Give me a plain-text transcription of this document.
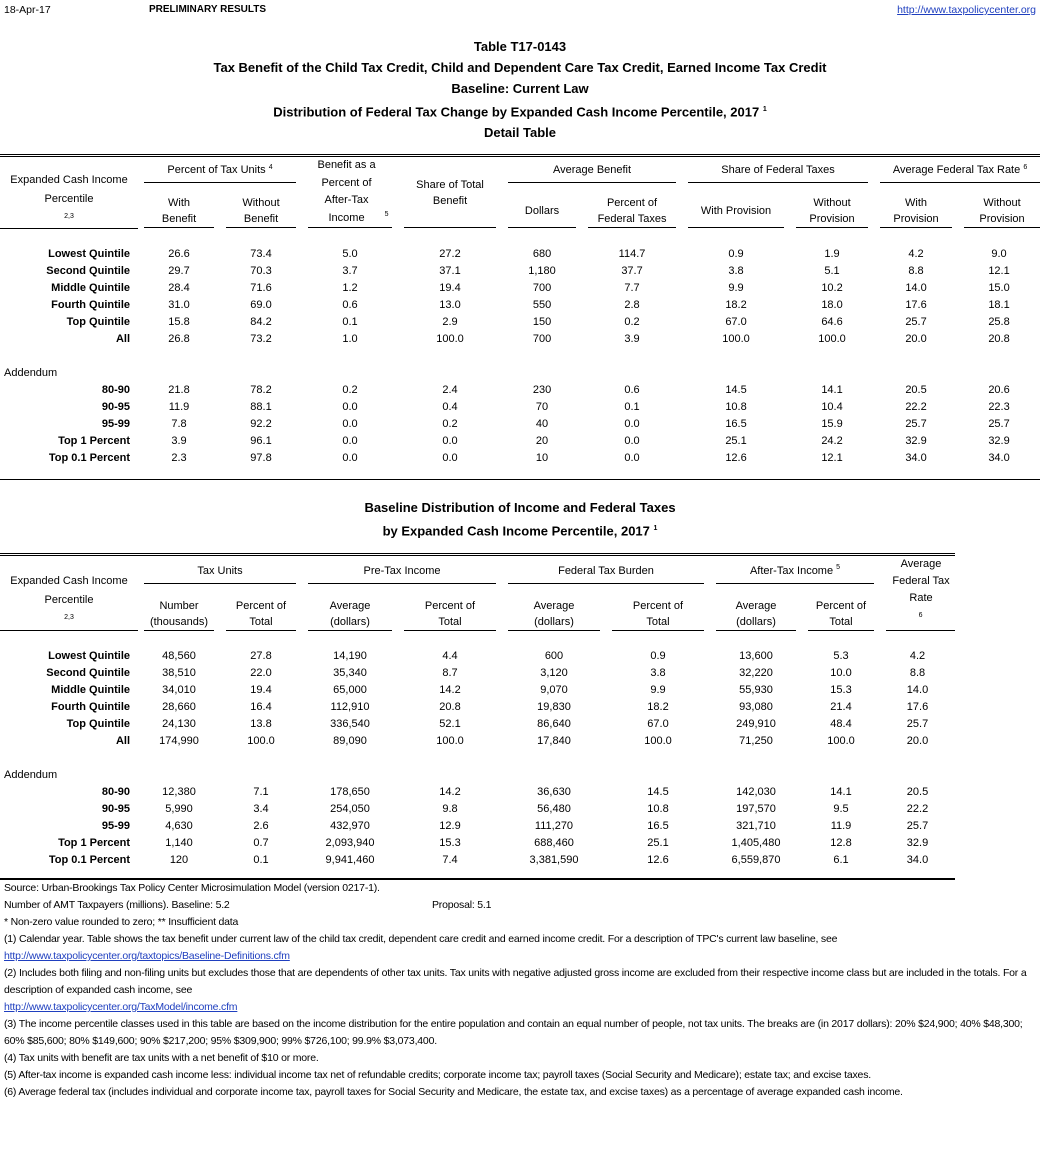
18-Apr-17	PRELIMINARY RESULTS	http://www.taxpolicycenter.org
Table T17-0143
Tax Benefit of the Child Tax Credit, Child and Dependent Care Tax Credit, Earned Income Tax Credit
Baseline: Current Law
Distribution of Federal Tax Change by Expanded Cash Income Percentile, 2017 $^1$
Detail Table
Expanded Cash Income Percentile $^{2,3}$	Percent of Tax Units $^4$		Benefit as a Percent of After-Tax Income $^5$	Share of Total Benefit	Average Benefit		Share of Federal Taxes		Average Federal Tax Rate $^6$

	With Benefit	Without Benefit			Dollars	Percent of Federal Taxes	With Provision	Without Provision	With Provision	Without Provision

Lowest Quintile	26.6	73.4	5.0	27.2	680	114.7	0.9	1.9	4.2	9.0
Second Quintile	29.7	70.3	3.7	37.1	1,180	37.7	3.8	5.1	8.8	12.1
Middle Quintile	28.4	71.6	1.2	19.4	700	7.7	9.9	10.2	14.0	15.0
Fourth Quintile	31.0	69.0	0.6	13.0	550	2.8	18.2	18.0	17.6	18.1
Top Quintile	15.8	84.2	0.1	2.9	150	0.2	67.0	64.6	25.7	25.8
All	26.8	73.2	1.0	100.0	700	3.9	100.0	100.0	20.0	20.8

Addendum										
80-90	21.8	78.2	0.2	2.4	230	0.6	14.5	14.1	20.5	20.6
90-95	11.9	88.1	0.0	0.4	70	0.1	10.8	10.4	22.2	22.3
95-99	7.8	92.2	0.0	0.2	40	0.0	16.5	15.9	25.7	25.7
Top 1 Percent	3.9	96.1	0.0	0.0	20	0.0	25.1	24.2	32.9	32.9
Top 0.1 Percent	2.3	97.8	0.0	0.0	10	0.0	12.6	12.1	34.0	34.0
Baseline Distribution of Income and Federal Taxes
by Expanded Cash Income Percentile, 2017 $^1$
Expanded Cash Income Percentile $^{2,3}$	Tax Units		Pre-Tax Income		Federal Tax Burden		After-Tax Income $^5$		Average Federal Tax Rate $^6$

	Number (thousands)	Percent of Total	Average (dollars)	Percent of Total	Average (dollars)	Percent of Total	Average (dollars)	Percent of Total	

Lowest Quintile	48,560	27.8	14,190	4.4	600	0.9	13,600	5.3	4.2
Second Quintile	38,510	22.0	35,340	8.7	3,120	3.8	32,220	10.0	8.8
Middle Quintile	34,010	19.4	65,000	14.2	9,070	9.9	55,930	15.3	14.0
Fourth Quintile	28,660	16.4	112,910	20.8	19,830	18.2	93,080	21.4	17.6
Top Quintile	24,130	13.8	336,540	52.1	86,640	67.0	249,910	48.4	25.7
All	174,990	100.0	89,090	100.0	17,840	100.0	71,250	100.0	20.0

Addendum									
80-90	12,380	7.1	178,650	14.2	36,630	14.5	142,030	14.1	20.5
90-95	5,990	3.4	254,050	9.8	56,480	10.8	197,570	9.5	22.2
95-99	4,630	2.6	432,970	12.9	111,270	16.5	321,710	11.9	25.7
Top 1 Percent	1,140	0.7	2,093,940	15.3	688,460	25.1	1,405,480	12.8	32.9
Top 0.1 Percent	120	0.1	9,941,460	7.4	3,381,590	12.6	6,559,870	6.1	34.0
Source: Urban-Brookings Tax Policy Center Microsimulation Model (version 0217-1).
Number of AMT Taxpayers (millions). Baseline: 5.2	Proposal: 5.1
* Non-zero value rounded to zero; ** Insufficient data
(1) Calendar year. Table shows the tax benefit under current law of the child tax credit, dependent care credit and earned income credit. For a description of TPC's current law baseline, see
http://www.taxpolicycenter.org/taxtopics/Baseline-Definitions.cfm
(2) Includes both filing and non-filing units but excludes those that are dependents of other tax units. Tax units with negative adjusted gross income are excluded from their respective income class but are included in the totals. For a description of expanded cash income, see
http://www.taxpolicycenter.org/TaxModel/income.cfm
(3) The income percentile classes used in this table are based on the income distribution for the entire population and contain an equal number of people, not tax units. The breaks are (in 2017 dollars): 20% $24,900; 40% $48,300; 60% $85,600; 80% $149,600; 90% $217,200; 95% $309,900; 99% $726,100; 99.9% $3,073,400.
(4) Tax units with benefit are tax units with a net benefit of $10 or more.
(5) After-tax income is expanded cash income less: individual income tax net of refundable credits; corporate income tax; payroll taxes (Social Security and Medicare); estate tax; and excise taxes.
(6) Average federal tax (includes individual and corporate income tax, payroll taxes for Social Security and Medicare, the estate tax, and excise taxes) as a percentage of average expanded cash income.
